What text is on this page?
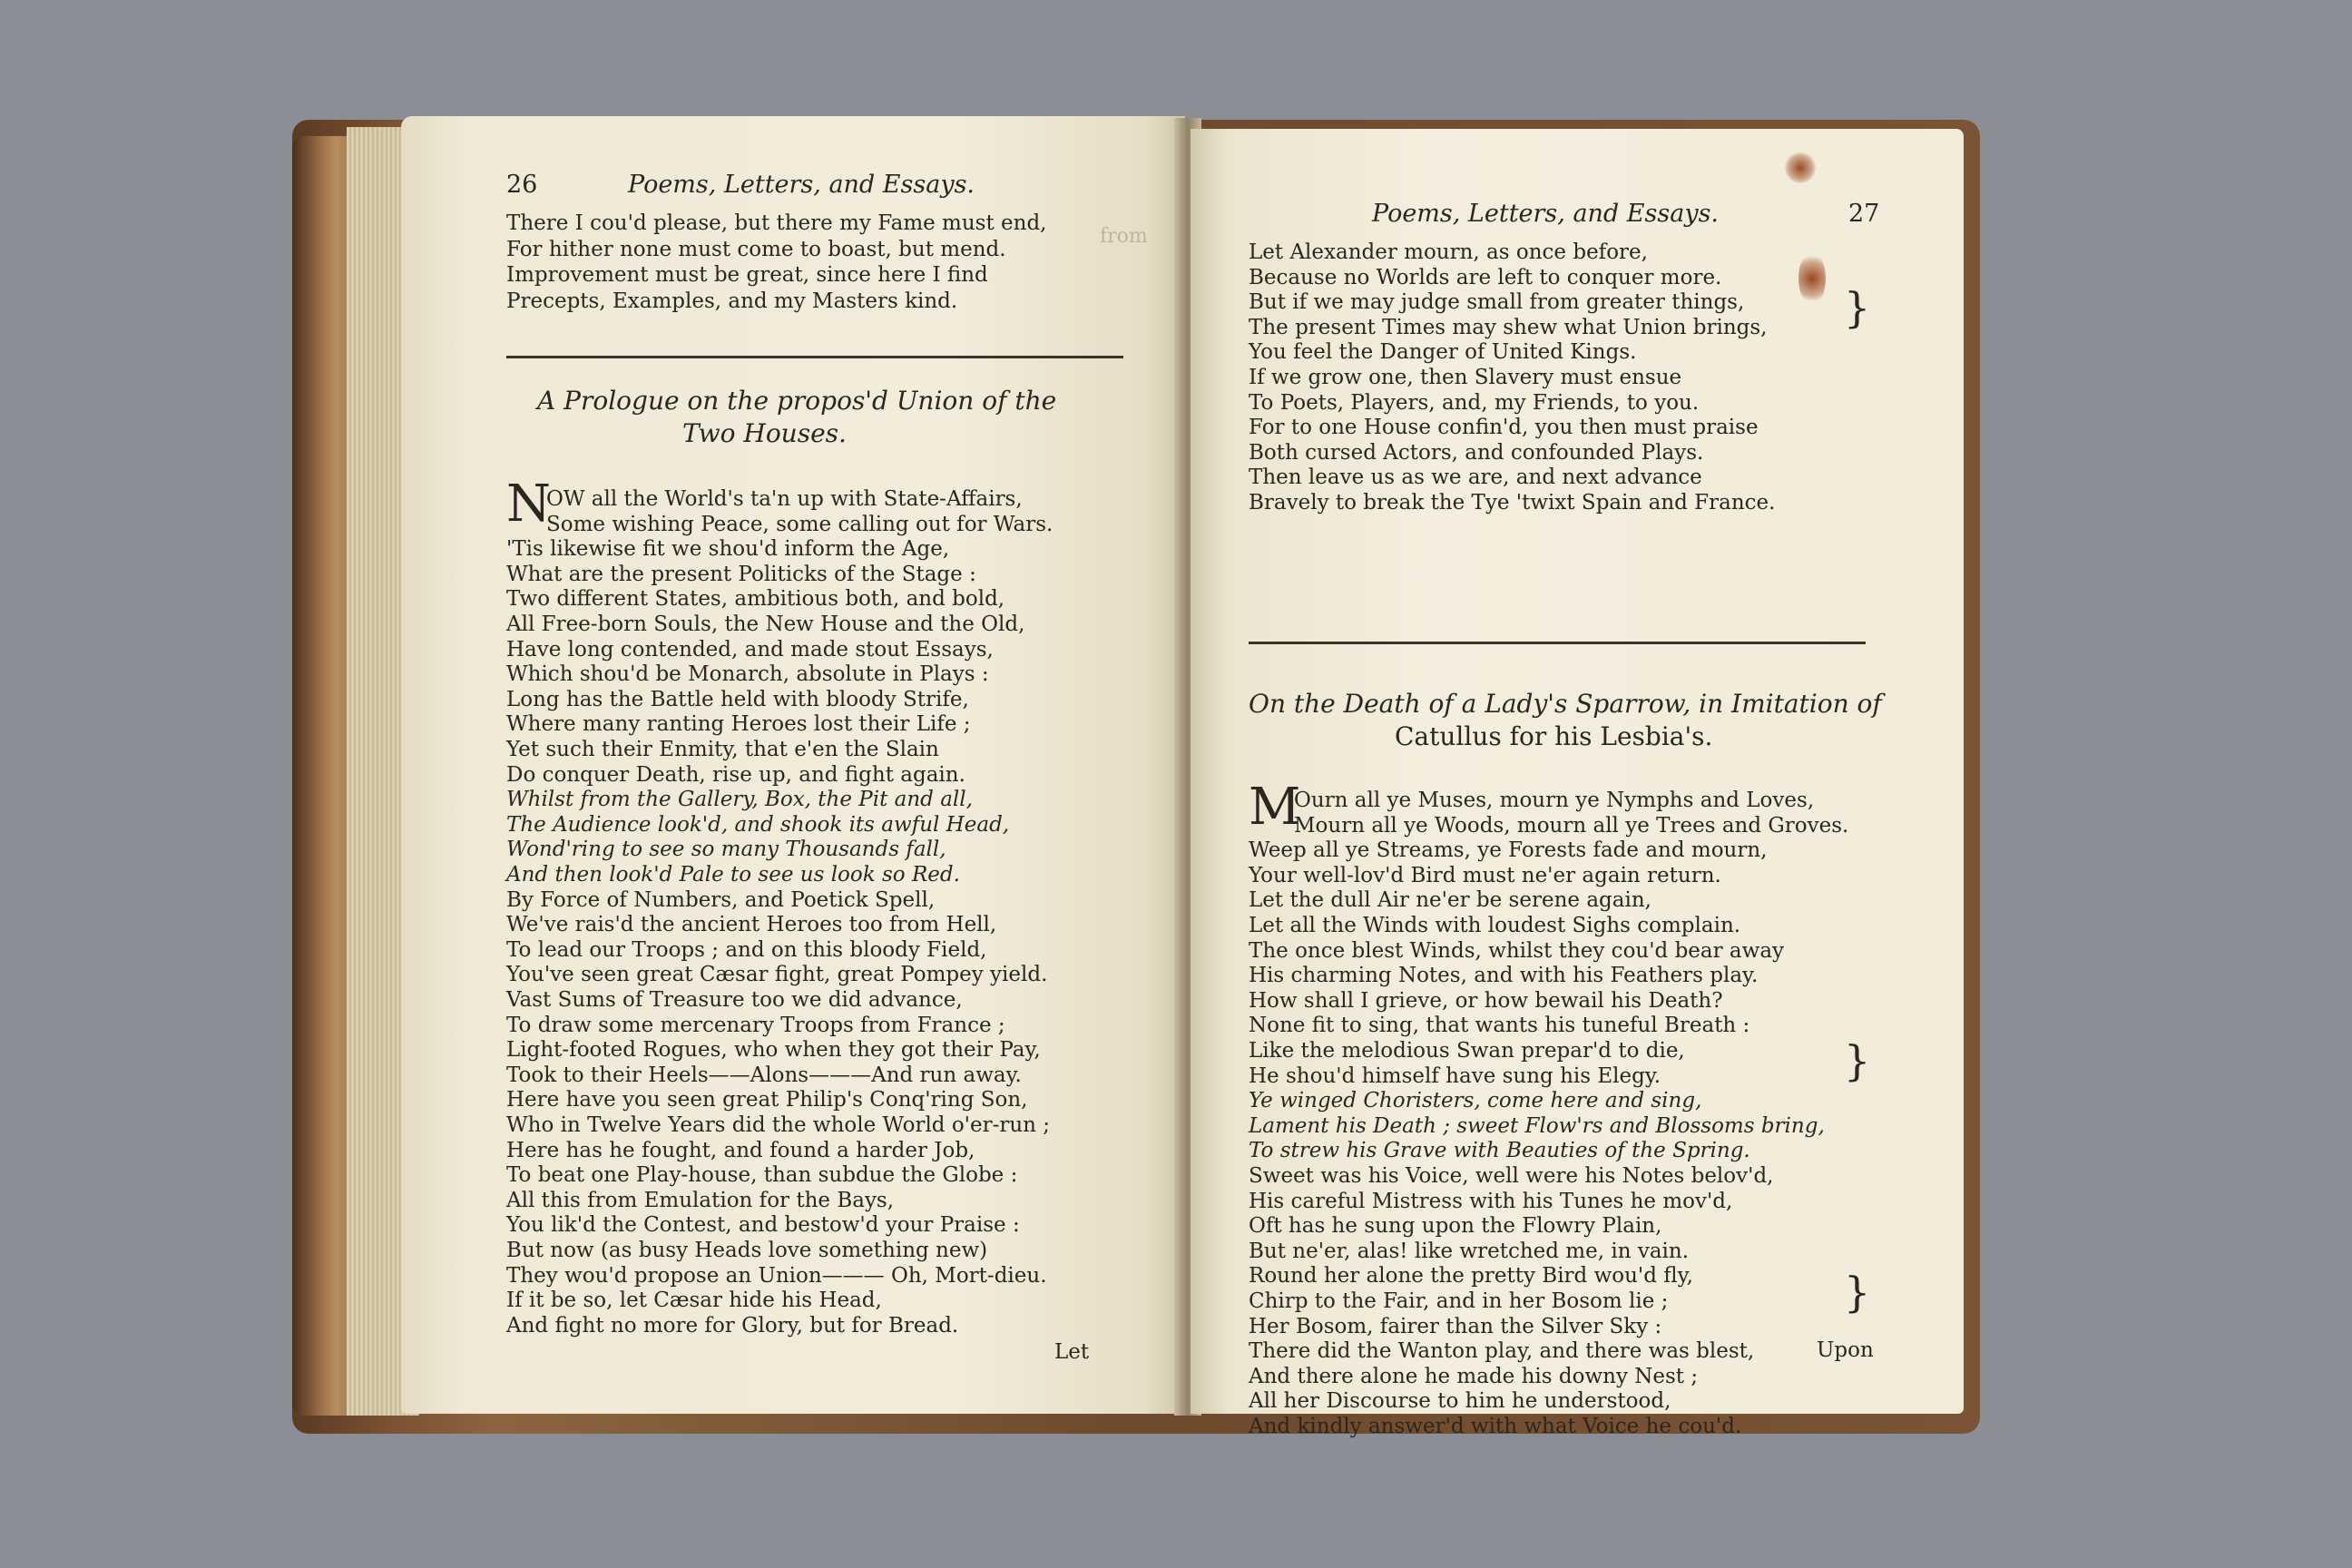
from
26	Poems, Letters, and Essays.
There I cou'd please, but there my Fame must end,
For hither none must come to boast, but mend.
Improvement must be great, since here I find
Precepts, Examples, and my Masters kind.
A Prologue on the propos'd Union of the
Two Houses.
N
OW all the World's ta'n up with State-Affairs,
Some wishing Peace, some calling out for Wars.
'Tis likewise fit we shou'd inform the Age,
What are the present Politicks of the Stage :
Two different States, ambitious both, and bold,
All Free-born Souls, the New House and the Old,
Have long contended, and made stout Essays,
Which shou'd be Monarch, absolute in Plays :
Long has the Battle held with bloody Strife,
Where many ranting Heroes lost their Life ;
Yet such their Enmity, that e'en the Slain
Do conquer Death, rise up, and fight again.
Whilst from the Gallery, Box, the Pit and all,
The Audience look'd, and shook its awful Head,
Wond'ring to see so many Thousands fall,
And then look'd Pale to see us look so Red.
By Force of Numbers, and Poetick Spell,
We've rais'd the ancient Heroes too from Hell,
To lead our Troops ; and on this bloody Field,
You've seen great Cæsar fight, great Pompey yield.
Vast Sums of Treasure too we did advance,
To draw some mercenary Troops from France ;
Light-footed Rogues, who when they got their Pay,
Took to their Heels——Alons———And run away.
Here have you seen great Philip's Conq'ring Son,
Who in Twelve Years did the whole World o'er-run ;
Here has he fought, and found a harder Job,
To beat one Play-house, than subdue the Globe :
All this from Emulation for the Bays,
You lik'd the Contest, and bestow'd your Praise :
But now (as busy Heads love something new)
They wou'd propose an Union——— Oh, Mort-dieu.
If it be so, let Cæsar hide his Head,
And fight no more for Glory, but for Bread.
Let
Poems, Letters, and Essays.	27
Let Alexander mourn, as once before,
Because no Worlds are left to conquer more.
But if we may judge small from greater things,
The present Times may shew what Union brings,
You feel the Danger of United Kings.
If we grow one, then Slavery must ensue
To Poets, Players, and, my Friends, to you.
For to one House confin'd, you then must praise
Both cursed Actors, and confounded Plays.
Then leave us as we are, and next advance
Bravely to break the Tye 'twixt Spain and France.
}
On the Death of a Lady's Sparrow, in Imitation of
Catullus for his Lesbia's.
M
Ourn all ye Muses, mourn ye Nymphs and Loves,
Mourn all ye Woods, mourn all ye Trees and Groves.
Weep all ye Streams, ye Forests fade and mourn,
Your well-lov'd Bird must ne'er again return.
Let the dull Air ne'er be serene again,
Let all the Winds with loudest Sighs complain.
The once blest Winds, whilst they cou'd bear away
His charming Notes, and with his Feathers play.
How shall I grieve, or how bewail his Death?
None fit to sing, that wants his tuneful Breath :
Like the melodious Swan prepar'd to die,
He shou'd himself have sung his Elegy.
Ye winged Choristers, come here and sing,
Lament his Death ; sweet Flow'rs and Blossoms bring,
To strew his Grave with Beauties of the Spring.
Sweet was his Voice, well were his Notes belov'd,
His careful Mistress with his Tunes he mov'd,
Oft has he sung upon the Flowry Plain,
But ne'er, alas! like wretched me, in vain.
Round her alone the pretty Bird wou'd fly,
Chirp to the Fair, and in her Bosom lie ;
Her Bosom, fairer than the Silver Sky :
There did the Wanton play, and there was blest,
And there alone he made his downy Nest ;
All her Discourse to him he understood,
And kindly answer'd with what Voice he cou'd.
}
}
Upon
